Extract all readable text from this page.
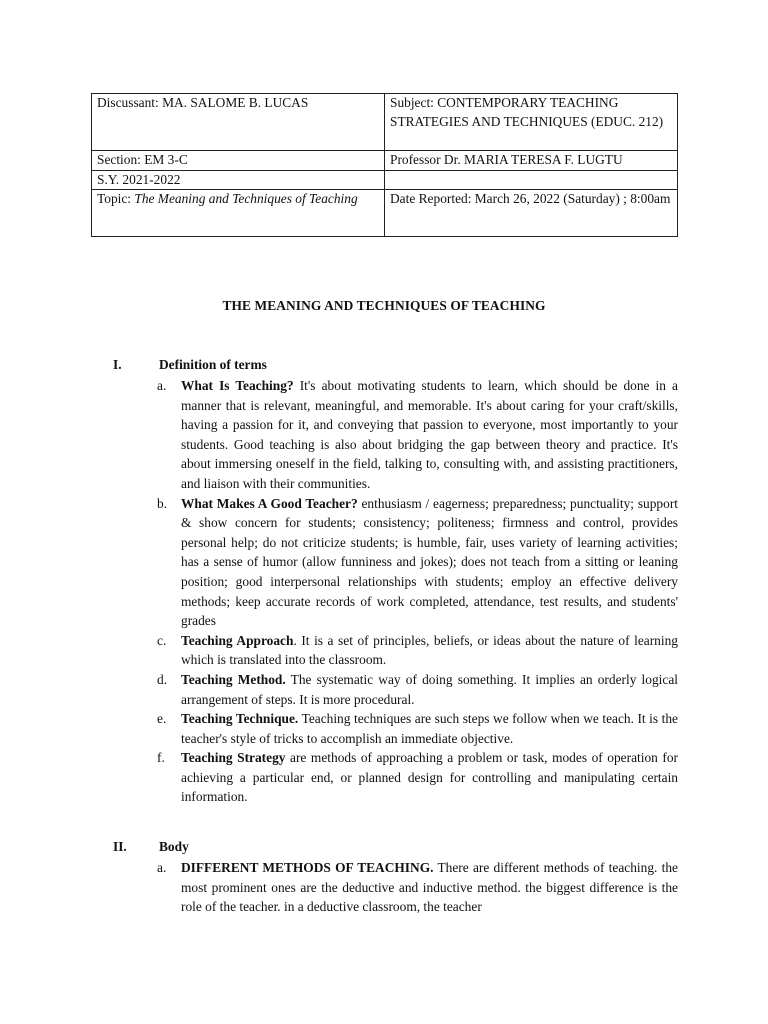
Discussant: MA. SALOME B. LUCAS	Subject: CONTEMPORARY TEACHING STRATEGIES AND TECHNIQUES (EDUC. 212)
Section: EM 3-C	Professor Dr. MARIA TERESA F. LUGTU
S.Y. 2021-2022	
Topic: The Meaning and Techniques of Teaching	Date Reported: March 26, 2022 (Saturday) ; 8:00am
THE MEANING AND TECHNIQUES OF TEACHING
I.	Definition of terms
a. What Is Teaching? It's about motivating students to learn, which should be done in a manner that is relevant, meaningful, and memorable. It's about caring for your craft/skills, having a passion for it, and conveying that passion to everyone, most importantly to your students. Good teaching is also about bridging the gap between theory and practice. It's about immersing oneself in the field, talking to, consulting with, and assisting practitioners, and liaison with their communities.
b. What Makes A Good Teacher? enthusiasm / eagerness; preparedness; punctuality; support & show concern for students; consistency; politeness; firmness and control, provides personal help; do not criticize students; is humble, fair, uses variety of learning activities; has a sense of humor (allow funniness and jokes); does not teach from a sitting or leaning position; good interpersonal relationships with students; employ an effective delivery methods; keep accurate records of work completed, attendance, test results, and students' grades
c. Teaching Approach. It is a set of principles, beliefs, or ideas about the nature of learning which is translated into the classroom.
d. Teaching Method. The systematic way of doing something. It implies an orderly logical arrangement of steps. It is more procedural.
e. Teaching Technique. Teaching techniques are such steps we follow when we teach. It is the teacher's style of tricks to accomplish an immediate objective.
f. Teaching Strategy are methods of approaching a problem or task, modes of operation for achieving a particular end, or planned design for controlling and manipulating certain information.
II. Body
a. DIFFERENT METHODS OF TEACHING. There are different methods of teaching. the most prominent ones are the deductive and inductive method. the biggest difference is the role of the teacher. in a deductive classroom, the teacher
